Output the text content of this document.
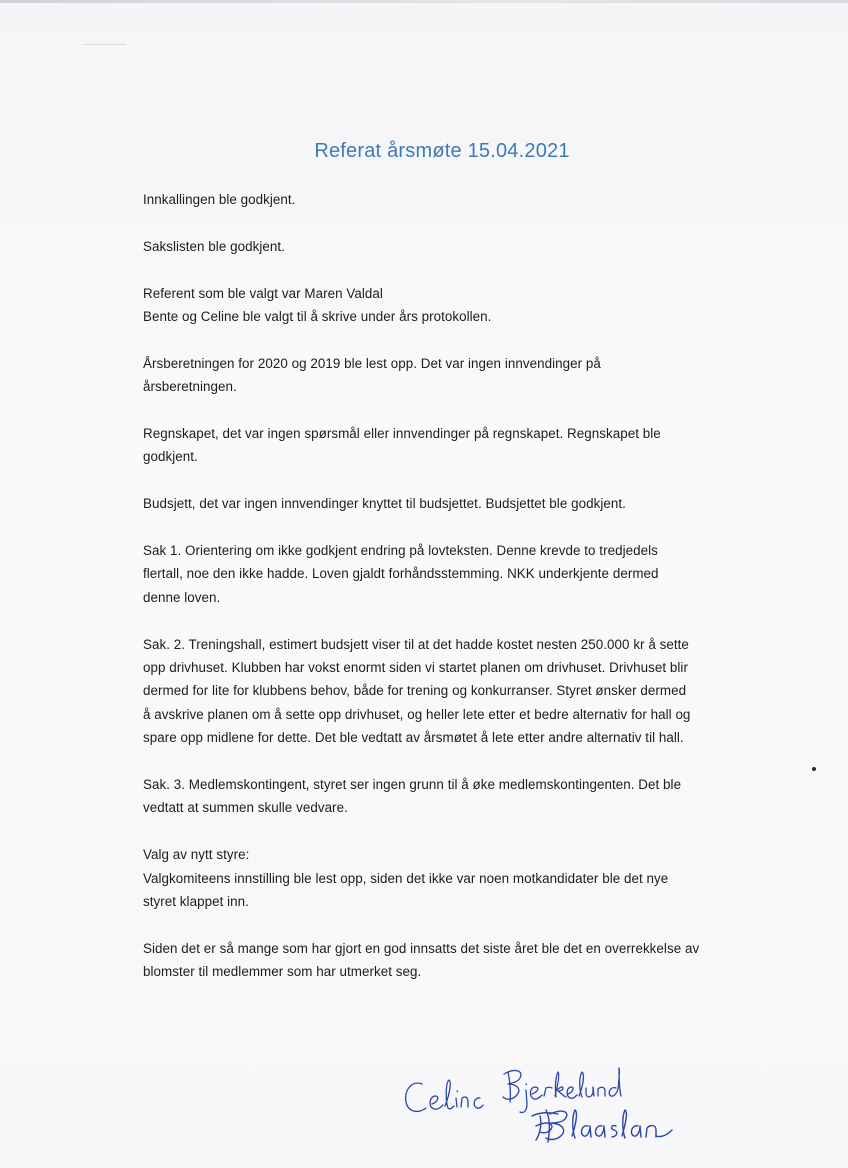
Referat årsmøte 15.04.2021

Innkallingen ble godkjent.

Sakslisten ble godkjent.

Referent som ble valgt var Maren Valdal
Bente og Celine ble valgt til å skrive under års protokollen.

Årsberetningen for 2020 og 2019 ble lest opp. Det var ingen innvendinger på
årsberetningen.

Regnskapet, det var ingen spørsmål eller innvendinger på regnskapet. Regnskapet ble
godkjent.

Budsjett, det var ingen innvendinger knyttet til budsjettet. Budsjettet ble godkjent.

Sak 1. Orientering om ikke godkjent endring på lovteksten. Denne krevde to tredjedels
flertall, noe den ikke hadde. Loven gjaldt forhåndsstemming. NKK underkjente dermed
denne loven.

Sak. 2. Treningshall, estimert budsjett viser til at det hadde kostet nesten 250.000 kr å sette
opp drivhuset. Klubben har vokst enormt siden vi startet planen om drivhuset. Drivhuset blir
dermed for lite for klubbens behov, både for trening og konkurranser. Styret ønsker dermed
å avskrive planen om å sette opp drivhuset, og heller lete etter et bedre alternativ for hall og
spare opp midlene for dette. Det ble vedtatt av årsmøtet å lete etter andre alternativ til hall.

Sak. 3. Medlemskontingent, styret ser ingen grunn til å øke medlemskontingenten. Det ble
vedtatt at summen skulle vedvare.

Valg av nytt styre:
Valgkomiteens innstilling ble lest opp, siden det ikke var noen motkandidater ble det nye
styret klappet inn.

Siden det er så mange som har gjort en god innsatts det siste året ble det en overrekkelse av
blomster til medlemmer som har utmerket seg.
